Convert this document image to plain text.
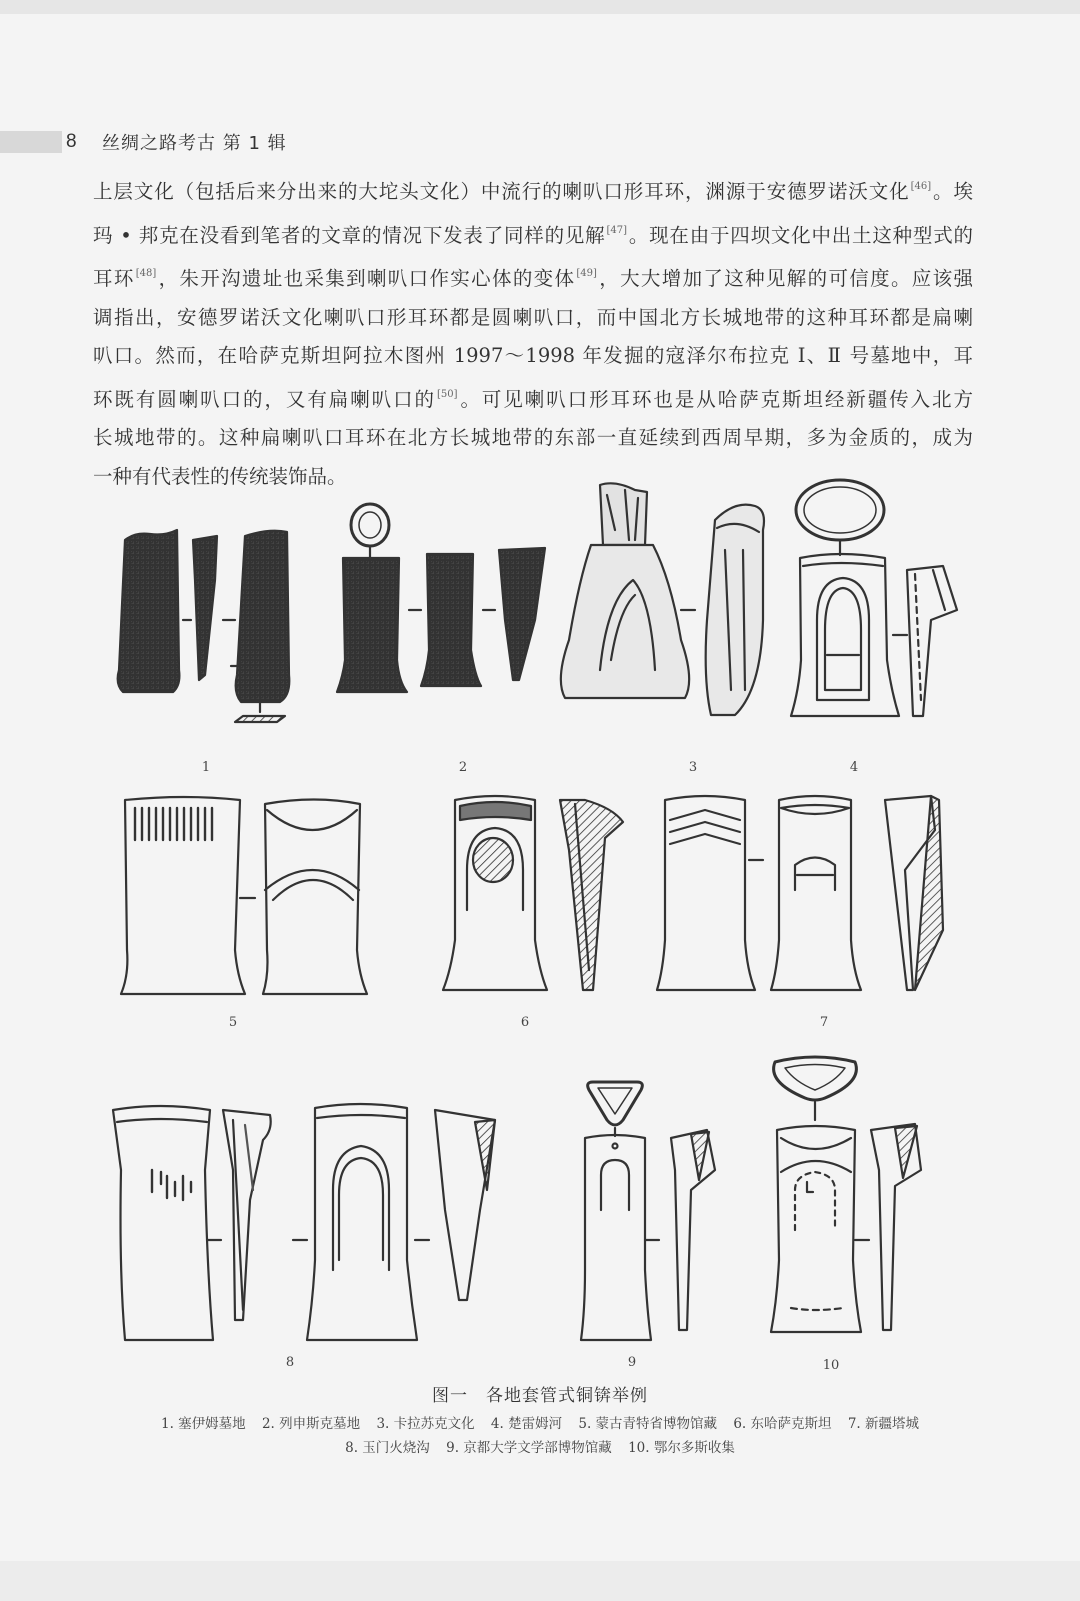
8	丝绸之路考古 第 1 辑

上层文化（包括后来分出来的大坨头文化）中流行的喇叭口形耳环，渊源于安德罗诺沃文化[46]。埃

玛 • 邦克在没看到笔者的文章的情况下发表了同样的见解[47]。现在由于四坝文化中出土这种型式的

耳环[48]，朱开沟遗址也采集到喇叭口作实心体的变体[49]，大大增加了这种见解的可信度。应该强

调指出，安德罗诺沃文化喇叭口形耳环都是圆喇叭口，而中国北方长城地带的这种耳环都是扁喇

叭口。然而，在哈萨克斯坦阿拉木图州 1997～1998 年发掘的寇泽尔布拉克 Ⅰ、Ⅱ 号墓地中，耳

环既有圆喇叭口的，又有扁喇叭口的[50]。可见喇叭口形耳环也是从哈萨克斯坦经新疆传入北方

长城地带的。这种扁喇叭口耳环在北方长城地带的东部一直延续到西周早期，多为金质的，成为

一种有代表性的传统装饰品。

1	2	3	4
5	6	7
8	9	10
图一　各地套管式铜锛举例
1. 塞伊姆墓地 2. 列申斯克墓地 3. 卡拉苏克文化 4. 楚雷姆河 5. 蒙古青特省博物馆藏 6. 东哈萨克斯坦 7. 新疆塔城
8. 玉门火烧沟 9. 京都大学文学部博物馆藏 10. 鄂尔多斯收集
